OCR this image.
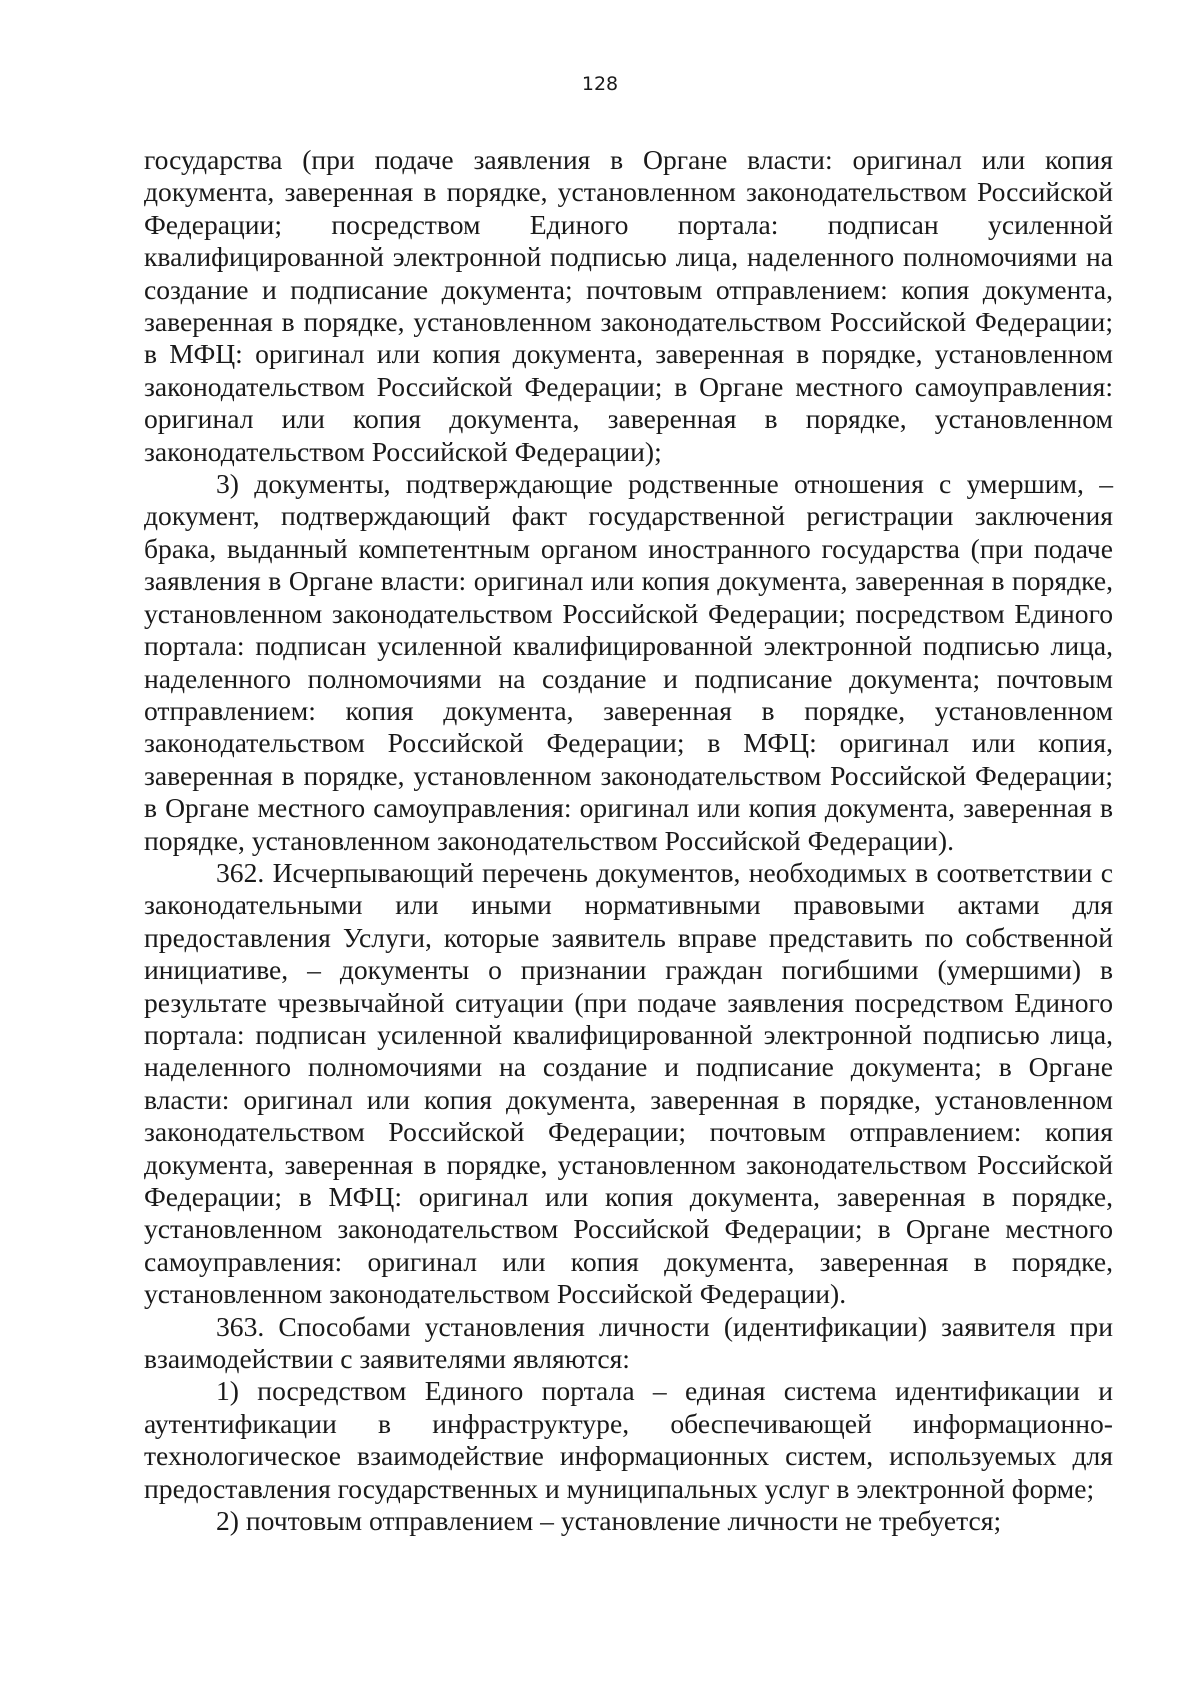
128

государства (при подаче заявления в Органе власти: оригинал или копия документа, заверенная в порядке, установленном законодательством Российской Федерации; посредством Единого портала: подписан усиленной квалифицированной электронной подписью лица, наделенного полномочиями на создание и подписание документа; почтовым отправлением: копия документа, заверенная в порядке, установленном законодательством Российской Федерации; в МФЦ: оригинал или копия документа, заверенная в порядке, установленном законодательством Российской Федерации; в Органе местного самоуправления: оригинал или копия документа, заверенная в порядке, установленном законодательством Российской Федерации);

3) документы, подтверждающие родственные отношения с умершим, – документ, подтверждающий факт государственной регистрации заключения брака, выданный компетентным органом иностранного государства (при подаче заявления в Органе власти: оригинал или копия документа, заверенная в порядке, установленном законодательством Российской Федерации; посредством Единого портала: подписан усиленной квалифицированной электронной подписью лица, наделенного полномочиями на создание и подписание документа; почтовым отправлением: копия документа, заверенная в порядке, установленном законодательством Российской Федерации; в МФЦ: оригинал или копия, заверенная в порядке, установленном законодательством Российской Федерации; в Органе местного самоуправления: оригинал или копия документа, заверенная в порядке, установленном законодательством Российской Федерации).

362. Исчерпывающий перечень документов, необходимых в соответствии с законодательными или иными нормативными правовыми актами для предоставления Услуги, которые заявитель вправе представить по собственной инициативе, – документы о признании граждан погибшими (умершими) в результате чрезвычайной ситуации (при подаче заявления посредством Единого портала: подписан усиленной квалифицированной электронной подписью лица, наделенного полномочиями на создание и подписание документа; в Органе власти: оригинал или копия документа, заверенная в порядке, установленном законодательством Российской Федерации; почтовым отправлением: копия документа, заверенная в порядке, установленном законодательством Российской Федерации; в МФЦ: оригинал или копия документа, заверенная в порядке, установленном законодательством Российской Федерации; в Органе местного самоуправления: оригинал или копия документа, заверенная в порядке, установленном законодательством Российской Федерации).

363. Способами установления личности (идентификации) заявителя при взаимодействии с заявителями являются:

1) посредством Единого портала – единая система идентификации и аутентификации в инфраструктуре, обеспечивающей информационно-технологическое взаимодействие информационных систем, используемых для предоставления государственных и муниципальных услуг в электронной форме;

2) почтовым отправлением – установление личности не требуется;
